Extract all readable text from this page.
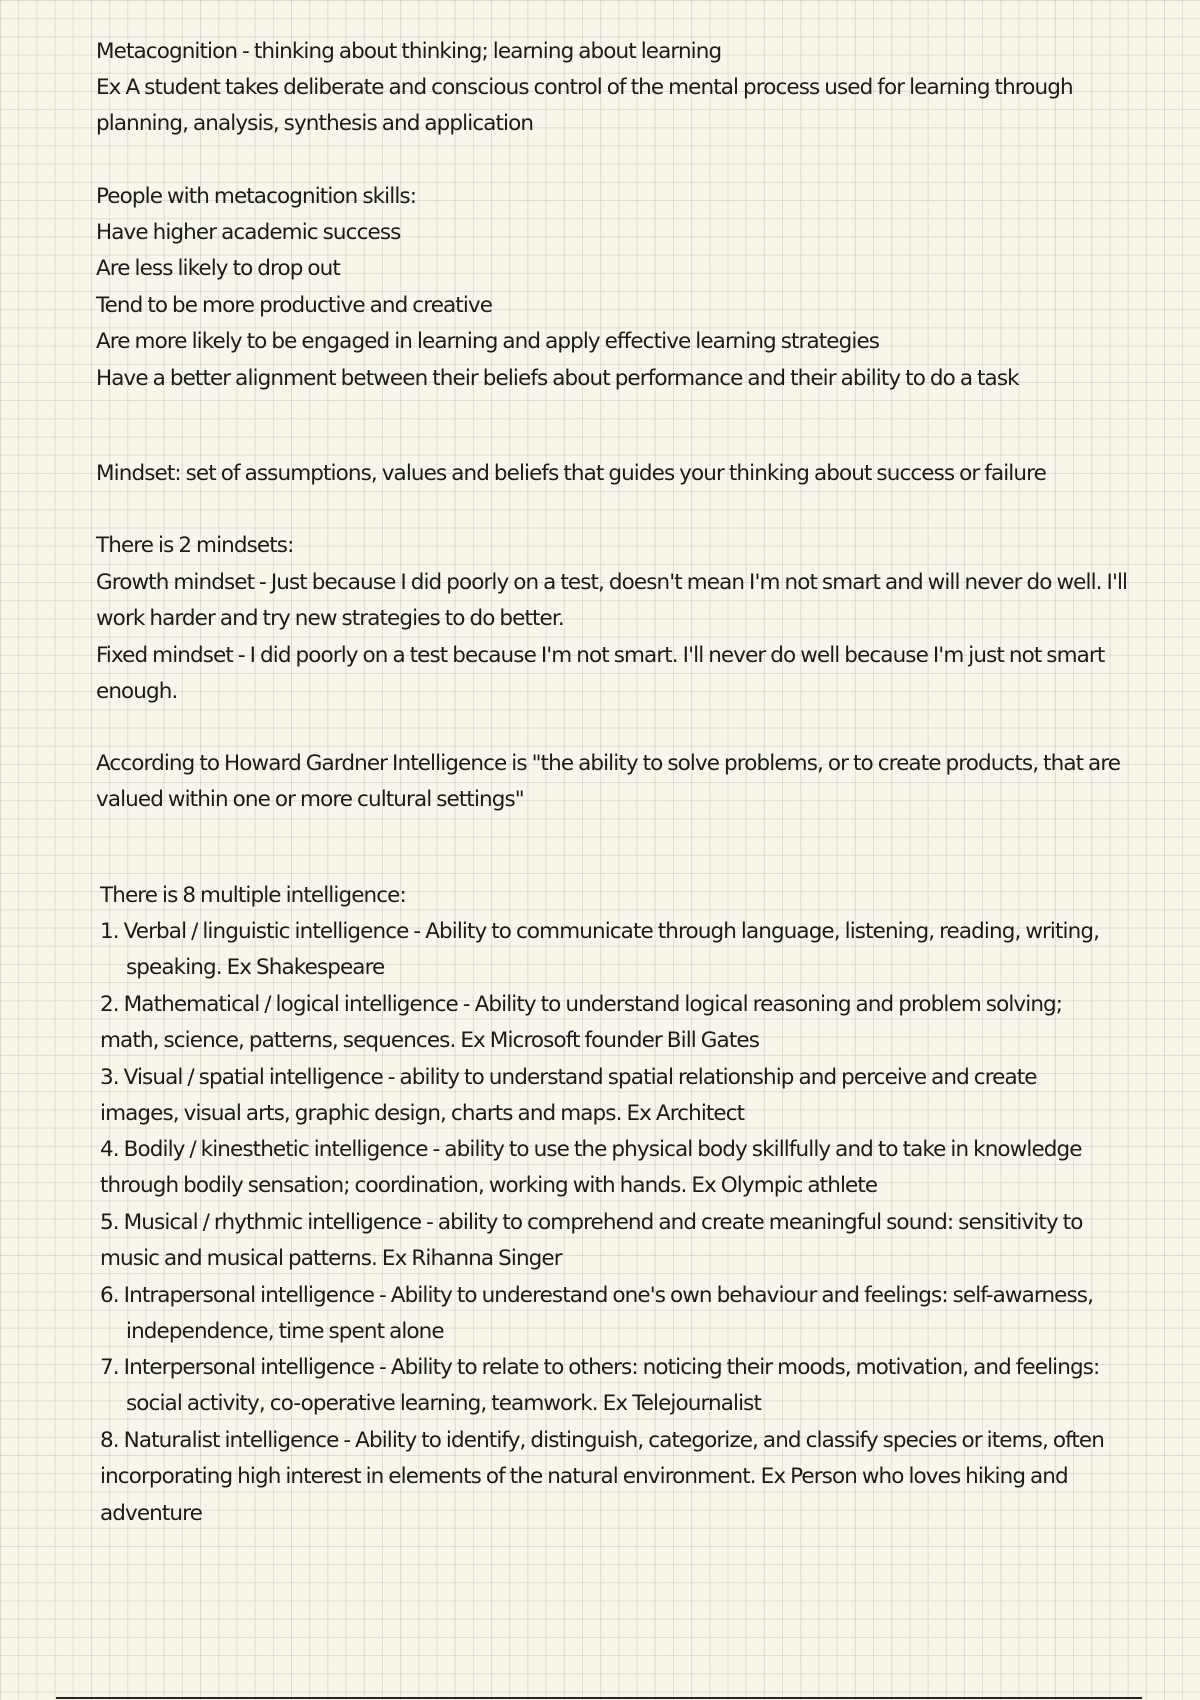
Metacognition - thinking about thinking; learning about learning

Ex A student takes deliberate and conscious control of the mental process used for learning through

planning, analysis, synthesis and application

People with metacognition skills:

Have higher academic success

Are less likely to drop out

Tend to be more productive and creative

Are more likely to be engaged in learning and apply effective learning strategies

Have a better alignment between their beliefs about performance and their ability to do a task

Mindset: set of assumptions, values and beliefs that guides your thinking about success or failure

There is 2 mindsets:

Growth mindset - Just because I did poorly on a test, doesn't mean I'm not smart and will never do well. I'll

work harder and try new strategies to do better.

Fixed mindset - I did poorly on a test because I'm not smart. I'll never do well because I'm just not smart

enough.

According to Howard Gardner Intelligence is "the ability to solve problems, or to create products, that are

valued within one or more cultural settings"

There is 8 multiple intelligence:

1. Verbal / linguistic intelligence - Ability to communicate through language, listening, reading, writing,

speaking. Ex Shakespeare

2. Mathematical / logical intelligence - Ability to understand logical reasoning and problem solving;

math, science, patterns, sequences. Ex Microsoft founder Bill Gates

3. Visual / spatial intelligence - ability to understand spatial relationship and perceive and create

images, visual arts, graphic design, charts and maps. Ex Architect

4. Bodily / kinesthetic intelligence - ability to use the physical body skillfully and to take in knowledge

through bodily sensation; coordination, working with hands. Ex Olympic athlete

5. Musical / rhythmic intelligence - ability to comprehend and create meaningful sound: sensitivity to

music and musical patterns. Ex Rihanna Singer

6. Intrapersonal intelligence - Ability to underestand one's own behaviour and feelings: self-awarness,

independence, time spent alone

7. Interpersonal intelligence - Ability to relate to others: noticing their moods, motivation, and feelings:

social activity, co-operative learning, teamwork. Ex Telejournalist

8. Naturalist intelligence - Ability to identify, distinguish, categorize, and classify species or items, often

incorporating high interest in elements of the natural environment. Ex Person who loves hiking and

adventure
